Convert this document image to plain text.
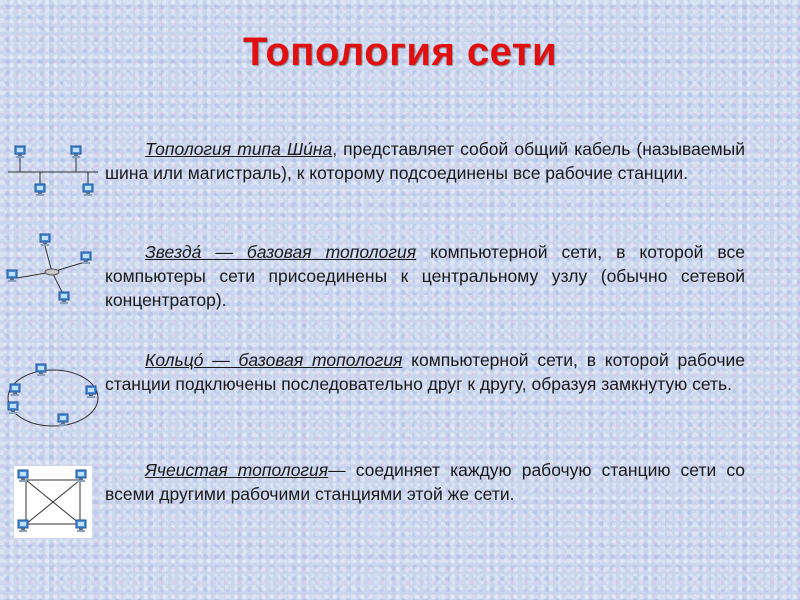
Топология сети
Топология типа Ши́на, представляет собой общий кабель (называемый шина или магистраль), к которому подсоединены все рабочие станции.
Звезда́ — базовая топология компьютерной сети, в которой все компьютеры сети присоединены к центральному узлу (обычно сетевой концентратор).
Кольцо́ — базовая топология компьютерной сети, в которой рабочие станции подключены последовательно друг к другу, образуя замкнутую сеть.
Ячеистая топология— соединяет каждую рабочую станцию сети со всеми другими рабочими станциями этой же сети.
